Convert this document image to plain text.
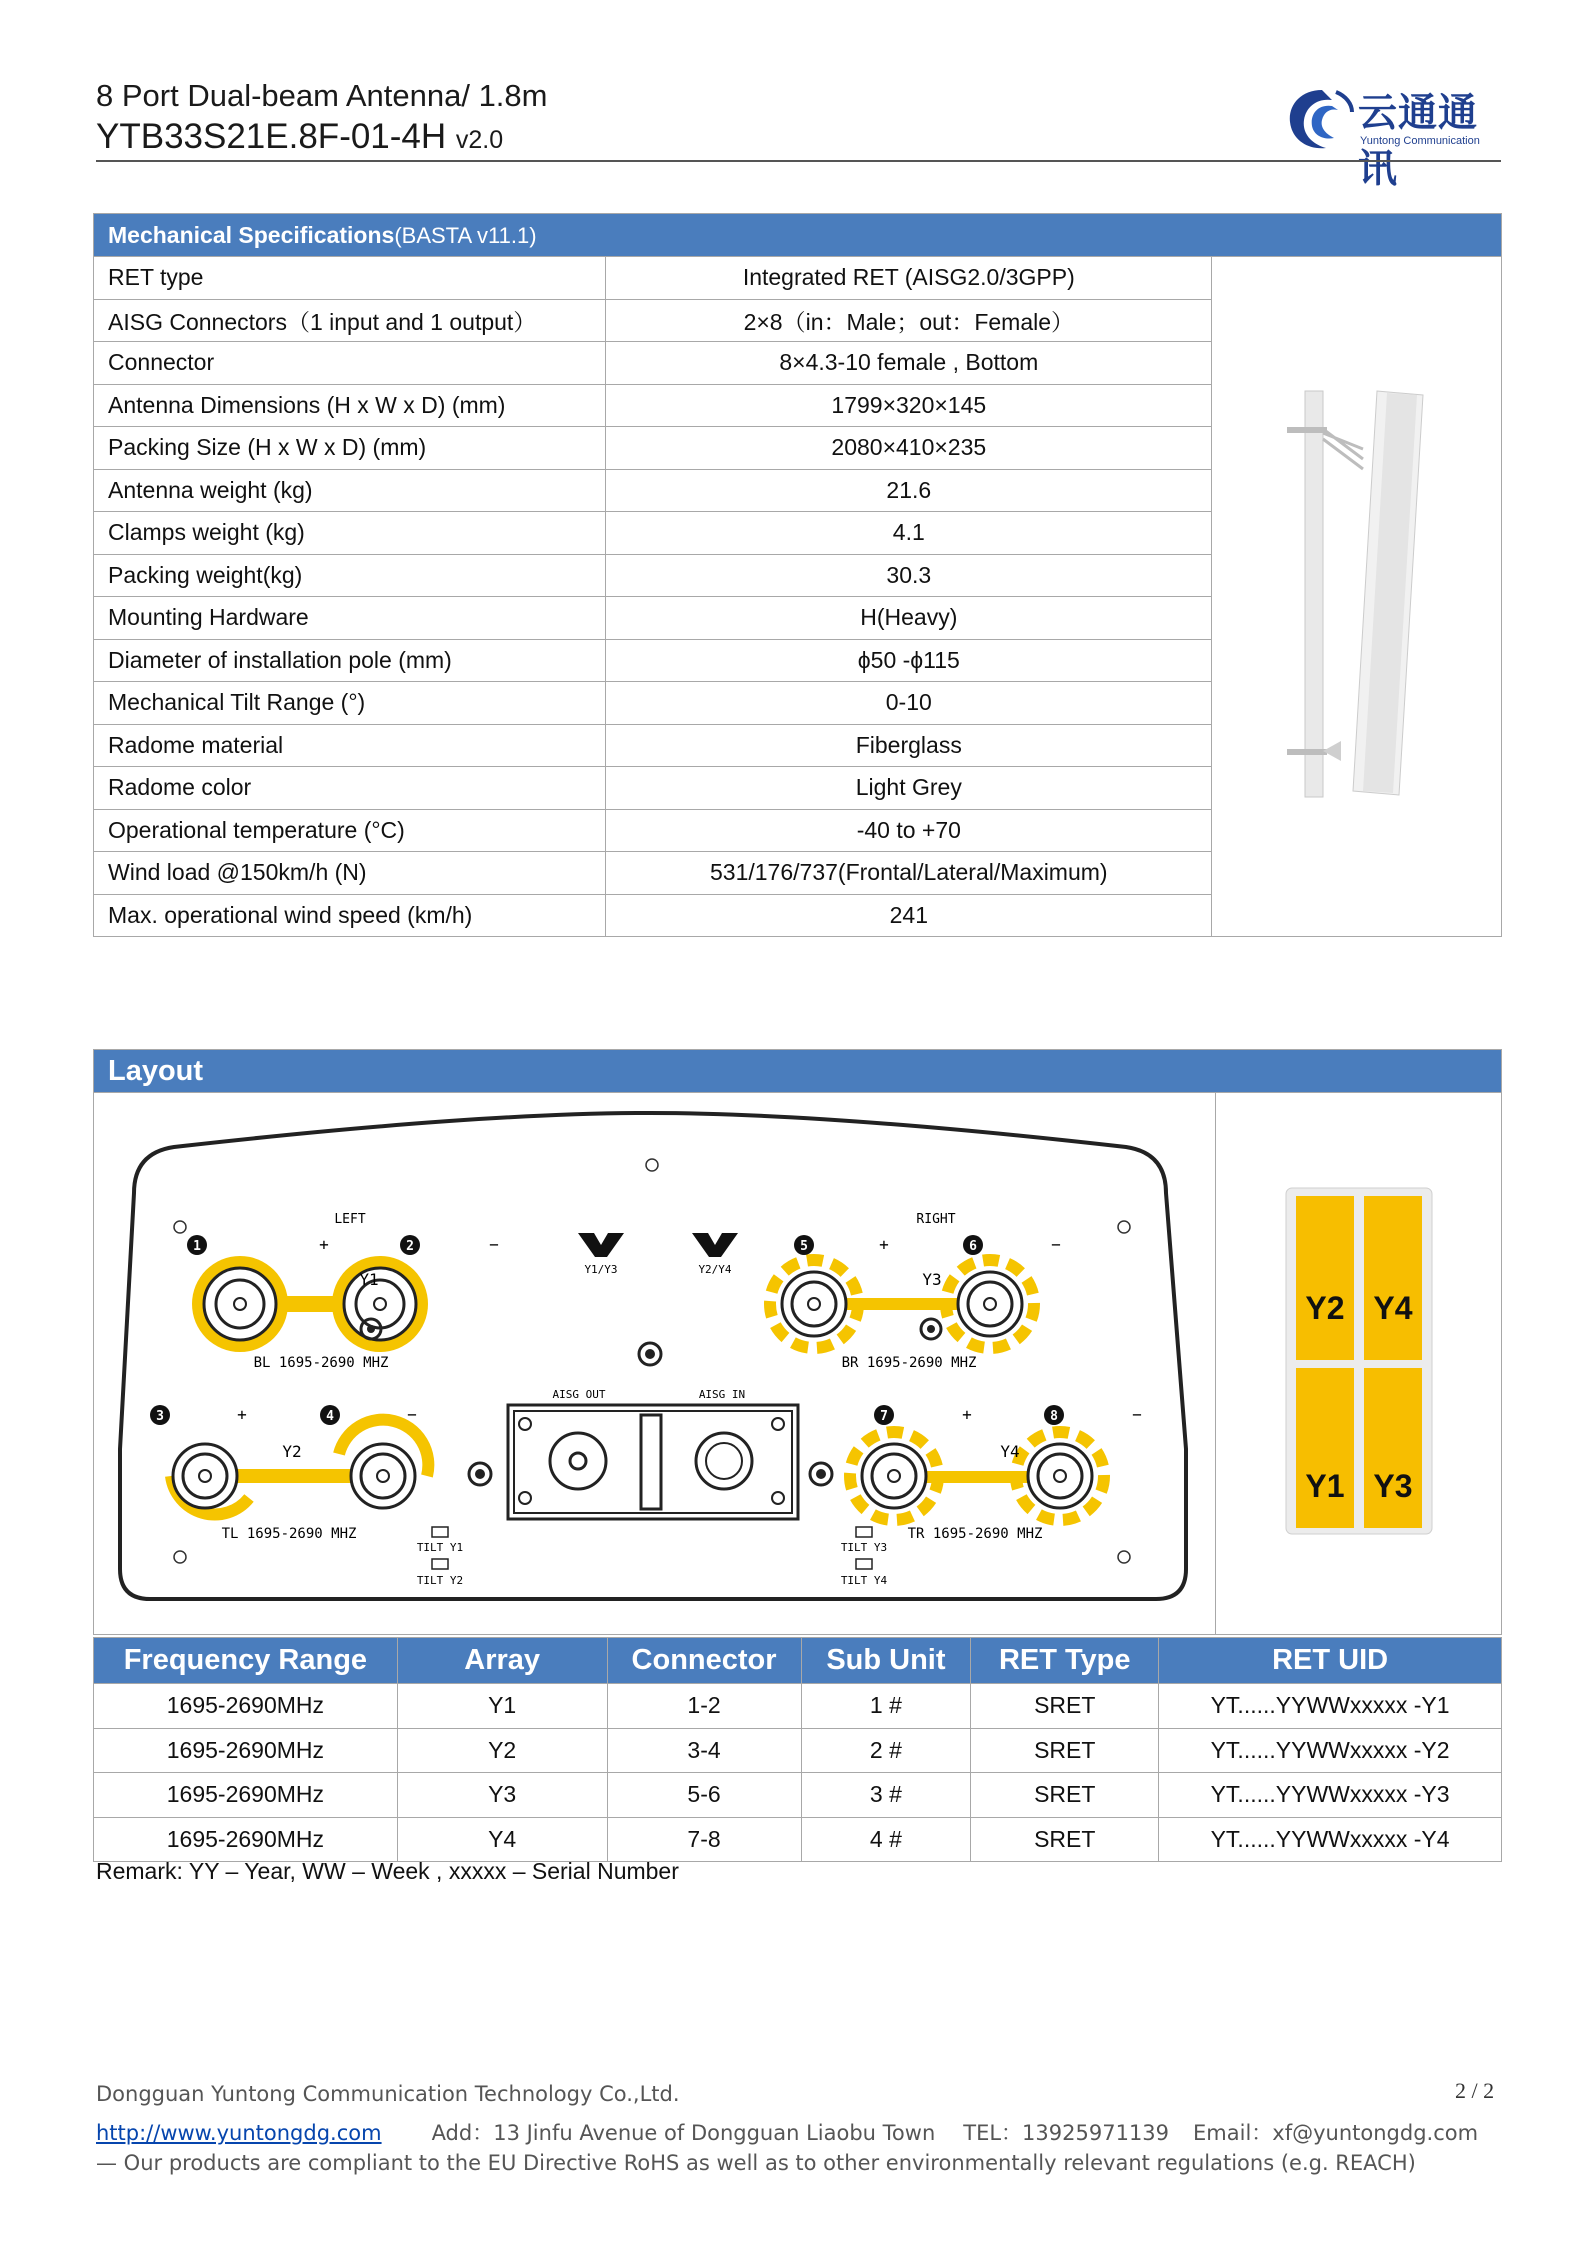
8 Port Dual-beam Antenna/ 1.8m
YTB33S21E.8F-01-4H v2.0
云通通讯
Yuntong Communication
Mechanical Specifications(BASTA v11.1)		
RET type	Integrated RET (AISG2.0/3GPP)	
AISG Connectors（1 input and 1 output）	2×8（in：Male；out：Female）	
Connector	8×4.3-10 female , Bottom	
Antenna Dimensions (H x W x D) (mm)	1799×320×145	
Packing Size (H x W x D) (mm)	2080×410×235	
Antenna weight (kg)	21.6	
Clamps weight (kg)	4.1	
Packing weight(kg)	30.3	
Mounting Hardware	H(Heavy)	
Diameter of installation pole (mm)	ϕ50 -ϕ115	
Mechanical Tilt Range (°)	0-10	
Radome material	Fiberglass	
Radome color	Light Grey	
Operational temperature (°C)	-40 to +70	
Wind load @150km/h (N)	531/176/737(Frontal/Lateral/Maximum)	
Max. operational wind speed (km/h)	241	
Layout

LEFT	RIGHT
Y1/Y3	Y2/Y4
1	+	2	−
Y1
BL 1695-2690 MHZ
5	+	6	−
Y3
BR 1695-2690 MHZ
AISG OUT	AISG IN
3	+	4	−
Y2
TL 1695-2690 MHZ
7	+	8	−
Y4
TR 1695-2690 MHZ
TILT Y1
TILT Y2
TILT Y3
TILT Y4

Y2 Y4
Y1 Y3
Frequency Range	Array	Connector	Sub Unit	RET Type	RET UID
1695-2690MHz	Y1	1-2	1 #	SRET	YT......YYWWxxxxx -Y1
1695-2690MHz	Y2	3-4	2 #	SRET	YT......YYWWxxxxx -Y2
1695-2690MHz	Y3	5-6	3 #	SRET	YT......YYWWxxxxx -Y3
1695-2690MHz	Y4	7-8	4 #	SRET	YT......YYWWxxxxx -Y4
Remark: YY – Year, WW – Week , xxxxx – Serial Number
Dongguan Yuntong Communication Technology Co.,Ltd.	2 / 2
http://www.yuntongdg.com Add：13 Jinfu Avenue of Dongguan Liaobu Town TEL：13925971139 Email：xf@yuntongdg.com
— Our products are compliant to the EU Directive RoHS as well as to other environmentally relevant regulations (e.g. REACH)
